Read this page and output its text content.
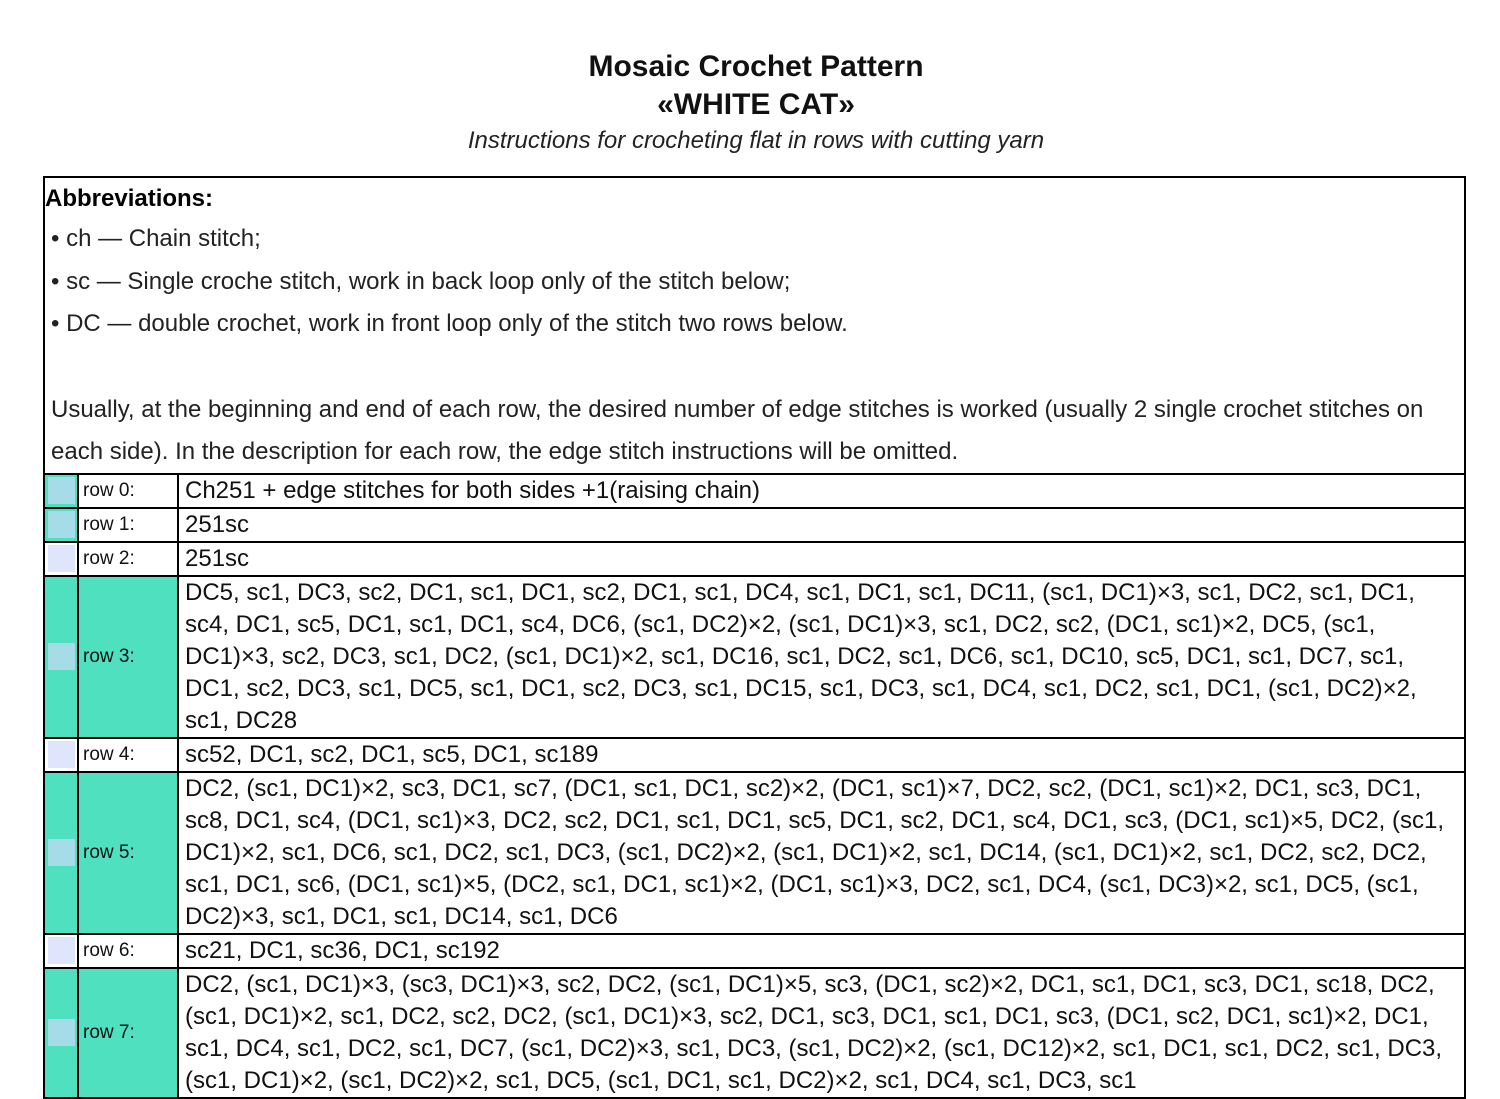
Mosaic Crochet Pattern
«WHITE CAT»
Instructions for crocheting flat in rows with cutting yarn
Abbreviations:
• ch — Chain stitch;
• sc — Single croche stitch, work in back loop only of the stitch below;
• DC — double crochet, work in front loop only of the stitch two rows below.
Usually, at the beginning and end of each row, the desired number of edge stitches is worked (usually 2 single crochet stitches on each side). In the description for each row, the edge stitch instructions will be omitted.
	row 0:	Ch251 + edge stitches for both sides +1(raising chain)

	row 1:	251sc

	row 2:	251sc

	row 3:	DC5, sc1, DC3, sc2, DC1, sc1, DC1, sc2, DC1, sc1, DC4, sc1, DC1, sc1, DC11, (sc1, DC1)×3, sc1, DC2, sc1, DC1, sc4, DC1, sc5, DC1, sc1, DC1, sc4, DC6, (sc1, DC2)×2, (sc1, DC1)×3, sc1, DC2, sc2, (DC1, sc1)×2, DC5, (sc1, DC1)×3, sc2, DC3, sc1, DC2, (sc1, DC1)×2, sc1, DC16, sc1, DC2, sc1, DC6, sc1, DC10, sc5, DC1, sc1, DC7, sc1, DC1, sc2, DC3, sc1, DC5, sc1, DC1, sc2, DC3, sc1, DC15, sc1, DC3, sc1, DC4, sc1, DC2, sc1, DC1, (sc1, DC2)×2, sc1, DC28

	row 4:	sc52, DC1, sc2, DC1, sc5, DC1, sc189

	row 5:	DC2, (sc1, DC1)×2, sc3, DC1, sc7, (DC1, sc1, DC1, sc2)×2, (DC1, sc1)×7, DC2, sc2, (DC1, sc1)×2, DC1, sc3, DC1, sc8, DC1, sc4, (DC1, sc1)×3, DC2, sc2, DC1, sc1, DC1, sc5, DC1, sc2, DC1, sc4, DC1, sc3, (DC1, sc1)×5, DC2, (sc1, DC1)×2, sc1, DC6, sc1, DC2, sc1, DC3, (sc1, DC2)×2, (sc1, DC1)×2, sc1, DC14, (sc1, DC1)×2, sc1, DC2, sc2, DC2, sc1, DC1, sc6, (DC1, sc1)×5, (DC2, sc1, DC1, sc1)×2, (DC1, sc1)×3, DC2, sc1, DC4, (sc1, DC3)×2, sc1, DC5, (sc1, DC2)×3, sc1, DC1, sc1, DC14, sc1, DC6

	row 6:	sc21, DC1, sc36, DC1, sc192

	row 7:	DC2, (sc1, DC1)×3, (sc3, DC1)×3, sc2, DC2, (sc1, DC1)×5, sc3, (DC1, sc2)×2, DC1, sc1, DC1, sc3, DC1, sc18, DC2, (sc1, DC1)×2, sc1, DC2, sc2, DC2, (sc1, DC1)×3, sc2, DC1, sc3, DC1, sc1, DC1, sc3, (DC1, sc2, DC1, sc1)×2, DC1, sc1, DC4, sc1, DC2, sc1, DC7, (sc1, DC2)×3, sc1, DC3, (sc1, DC2)×2, (sc1, DC12)×2, sc1, DC1, sc1, DC2, sc1, DC3, (sc1, DC1)×2, (sc1, DC2)×2, sc1, DC5, (sc1, DC1, sc1, DC2)×2, sc1, DC4, sc1, DC3, sc1
